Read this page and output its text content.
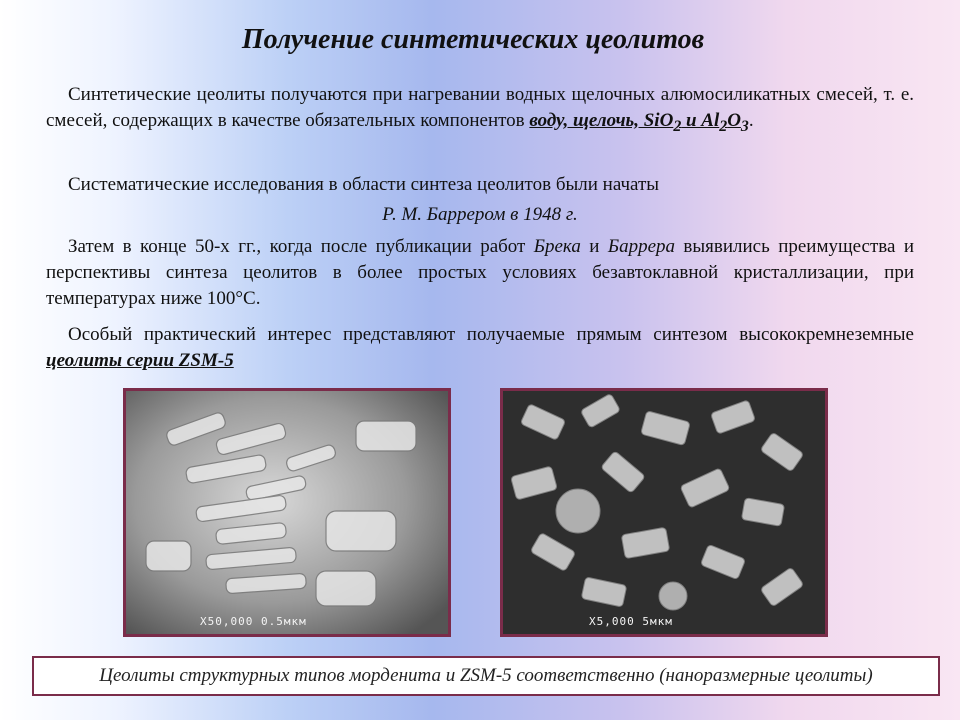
Получение синтетических цеолитов
Синтетические цеолиты получаются при нагревании водных щелочных алюмосиликатных смесей, т. е. смесей, содержащих в качестве обязательных компонентов воду, щелочь, SiO$_2$ и $Al_2O_3$.
Систематические исследования в области синтеза цеолитов были начаты
Р. М. Баррером в 1948 г.
Затем в конце 50-х гг., когда после публикации работ Брека и Баррера выявились преимущества и перспективы синтеза цеолитов в более простых условиях безавтоклавной кристаллизации, при температурах ниже 100°С.
Особый практический интерес представляют получаемые прямым синтезом высококремнеземные цеолиты серии ZSM-5
X50,000 0.5мкм	X5,000 5мкм
Цеолиты структурных типов морденита и ZSM-5 соответственно (наноразмерные цеолиты)
